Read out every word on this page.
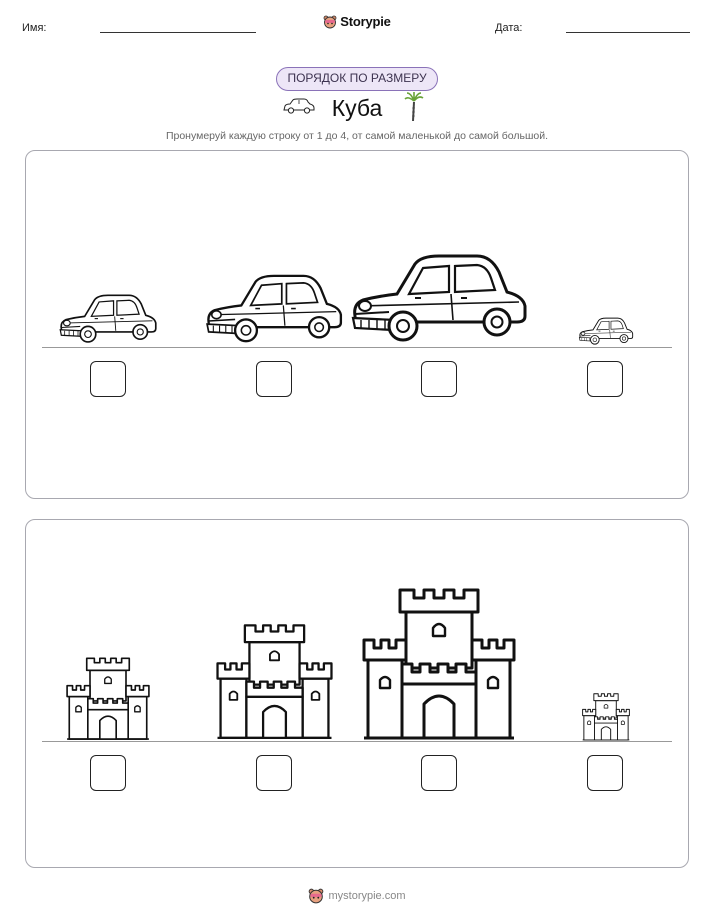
Имя:	Storypie	Дата:
ПОРЯДОК ПО РАЗМЕРУ
Куба
Пронумеруй каждую строку от 1 до 4, от самой маленькой до самой большой.
mystorypie.com
